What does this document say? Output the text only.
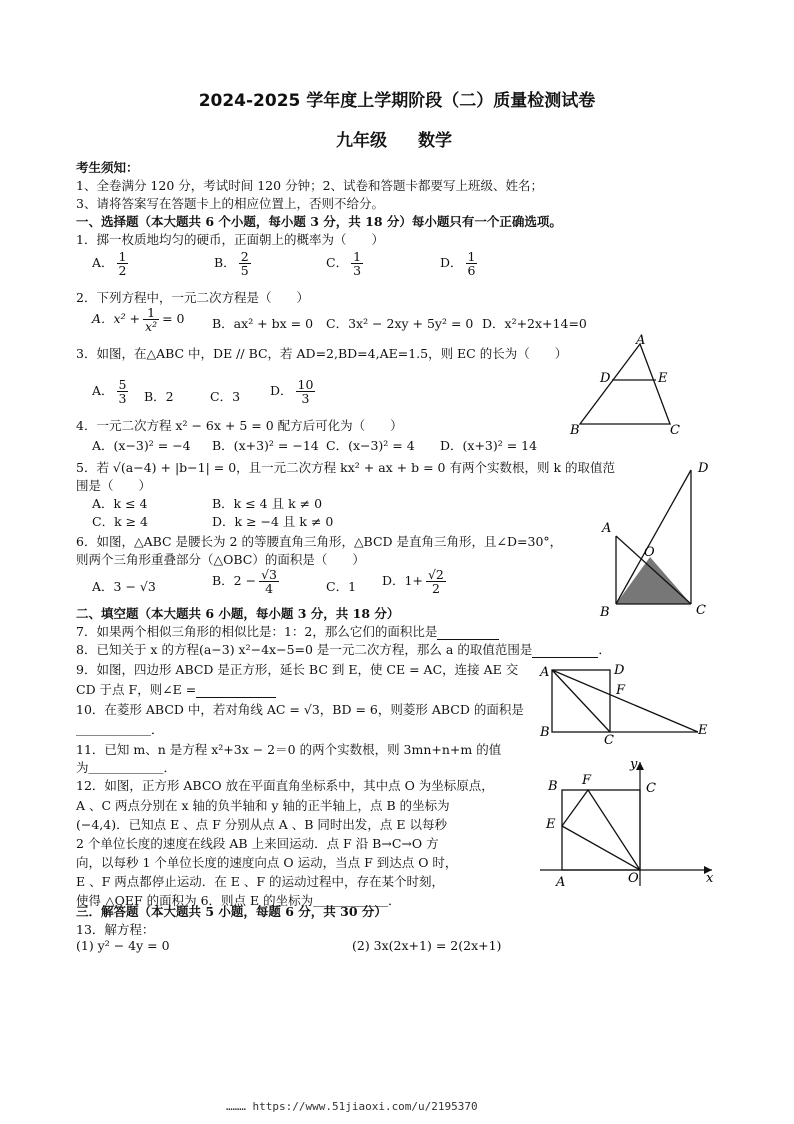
2024-2025 学年度上学期阶段（二）质量检测试卷
九年级 数学
考生须知：
1、全卷满分 120 分，考试时间 120 分钟；2、试卷和答题卡都要写上班级、姓名；
3、请将答案写在答题卡上的相应位置上，否则不给分。
一、选择题（本大题共 6 个小题，每小题 3 分，共 18 分）每小题只有一个正确选项。
1．掷一枚质地均匀的硬币，正面朝上的概率为（　　）
A． $\frac{1}{2}$	B． $\frac{2}{5}$	C． $\frac{1}{3}$	D． $\frac{1}{6}$
2．下列方程中，一元二次方程是（　　）
A．$x^2 + \frac{1}{\text{x²}} = 0$ B．ax² + bx = 0 C．3x² − 2xy + 5y² = 0 D．x²+2x+14=0
3．如图，在△ABC 中，DE // BC，若 AD=2,BD=4,AE=1.5，则 EC 的长为（　　）
A． $\frac{5}{3}$ B．2	C．3 D． $\frac{10}{3}$
A
D	E
B	C
4．一元二次方程 x² − 6x + 5 = 0 配方后可化为（　　）
A．(x−3)² = −4 B．(x+3)² = −14 C．(x−3)² = 4 D．(x+3)² = 14
5．若 √(a−4) + |b−1| = 0，且一元二次方程 kx² + ax + b = 0 有两个实数根，则 k 的取值范
围是（　　）
A．k ≤ 4	B．k ≤ 4 且 k ≠ 0
C．k ≥ 4	D．k ≥ −4 且 k ≠ 0
6．如图，△ABC 是腰长为 2 的等腰直角三角形，△BCD 是直角三角形，且∠D=30°，
则两个三角形重叠部分（△OBC）的面积是（　　）
A．3 − √3	B．$2 - \frac{√3}{4}$	C．1 D．$1+ \frac{√2}{2}$
D
A
O
B	C
二、填空题（本大题共 6 小题，每小题 3 分，共 18 分）
7．如果两个相似三角形的相似比是：1：2，那么它们的面积比是
8．已知关于 x 的方程(a−3) x²−4x−5=0 是一元二次方程，那么 a 的取值范围是	．
9．如图，四边形 ABCD 是正方形，延长 BC 到 E，使 CE = AC，连接 AE 交
CD 于点 F，则∠E =
A	D
F
B
C
E
10．在菱形 ABCD 中，若对角线 AC = √3，BD = 6，则菱形 ABCD 的面积是
＿＿＿＿＿＿．
11．已知 m、n 是方程 x²+3x − 2＝0 的两个实数根，则 3mn+n+m 的值
为＿＿＿＿＿＿．
12．如图，正方形 ABCO 放在平面直角坐标系中，其中点 O 为坐标原点，
A 、C 两点分别在 x 轴的负半轴和 y 轴的正半轴上，点 B 的坐标为
(−4,4)．已知点 E 、点 F 分别从点 A 、B 同时出发，点 E 以每秒
2 个单位长度的速度在线段 AB 上来回运动．点 F 沿 B→C→O 方
向，以每秒 1 个单位长度的速度向点 O 运动，当点 F 到达点 O 时，
E 、F 两点都停止运动．在 E 、F 的运动过程中，存在某个时刻，
使得 △OEF 的面积为 6．则点 E 的坐标为＿＿＿＿＿＿．
y
F
B	C
E
A	O	x
三．解答题（本大题共 5 小题，每题 6 分，共 30 分）
13．解方程：
(1) y² − 4y = 0	(2) 3x(2x+1) = 2(2x+1)
……… https://www.51jiaoxi.com/u/2195370
